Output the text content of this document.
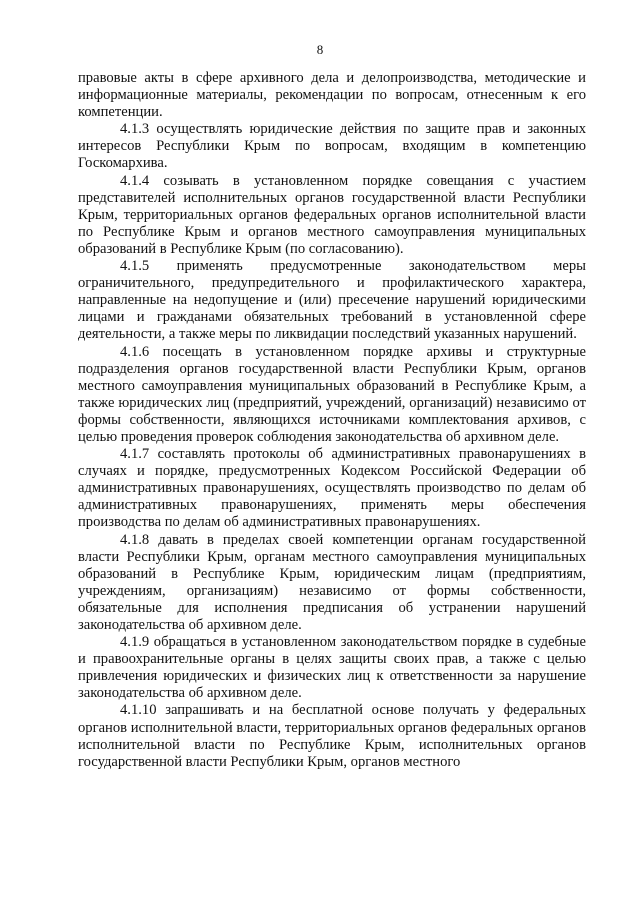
8

правовые акты в сфере архивного дела и делопроизводства, методические и информационные материалы, рекомендации по вопросам, отнесенным к его компетенции.

4.1.3 осуществлять юридические действия по защите прав и законных интересов Республики Крым по вопросам, входящим в компетенцию Госкомархива.

4.1.4 созывать в установленном порядке совещания с участием представителей исполнительных органов государственной власти Республики Крым, территориальных органов федеральных органов исполнительной власти по Республике Крым и органов местного самоуправления муниципальных образований в Республике Крым (по согласованию).

4.1.5 применять предусмотренные законодательством меры ограничительного, предупредительного и профилактического характера, направленные на недопущение и (или) пресечение нарушений юридическими лицами и гражданами обязательных требований в установленной сфере деятельности, а также меры по ликвидации последствий указанных нарушений.

4.1.6 посещать в установленном порядке архивы и структурные подразделения органов государственной власти Республики Крым, органов местного самоуправления муниципальных образований в Республике Крым, а также юридических лиц (предприятий, учреждений, организаций) независимо от формы собственности, являющихся источниками комплектования архивов, с целью проведения проверок соблюдения законодательства об архивном деле.

4.1.7 составлять протоколы об административных правонарушениях в случаях и порядке, предусмотренных Кодексом Российской Федерации об административных правонарушениях, осуществлять производство по делам об административных правонарушениях, применять меры обеспечения производства по делам об административных правонарушениях.

4.1.8 давать в пределах своей компетенции органам государственной власти Республики Крым, органам местного самоуправления муниципальных образований в Республике Крым, юридическим лицам (предприятиям, учреждениям, организациям) независимо от формы собственности, обязательные для исполнения предписания об устранении нарушений законодательства об архивном деле.

4.1.9 обращаться в установленном законодательством порядке в судебные и правоохранительные органы в целях защиты своих прав, а также с целью привлечения юридических и физических лиц к ответственности за нарушение законодательства об архивном деле.

4.1.10 запрашивать и на бесплатной основе получать у федеральных органов исполнительной власти, территориальных органов федеральных органов исполнительной власти по Республике Крым, исполнительных органов государственной власти Республики Крым, органов местного
